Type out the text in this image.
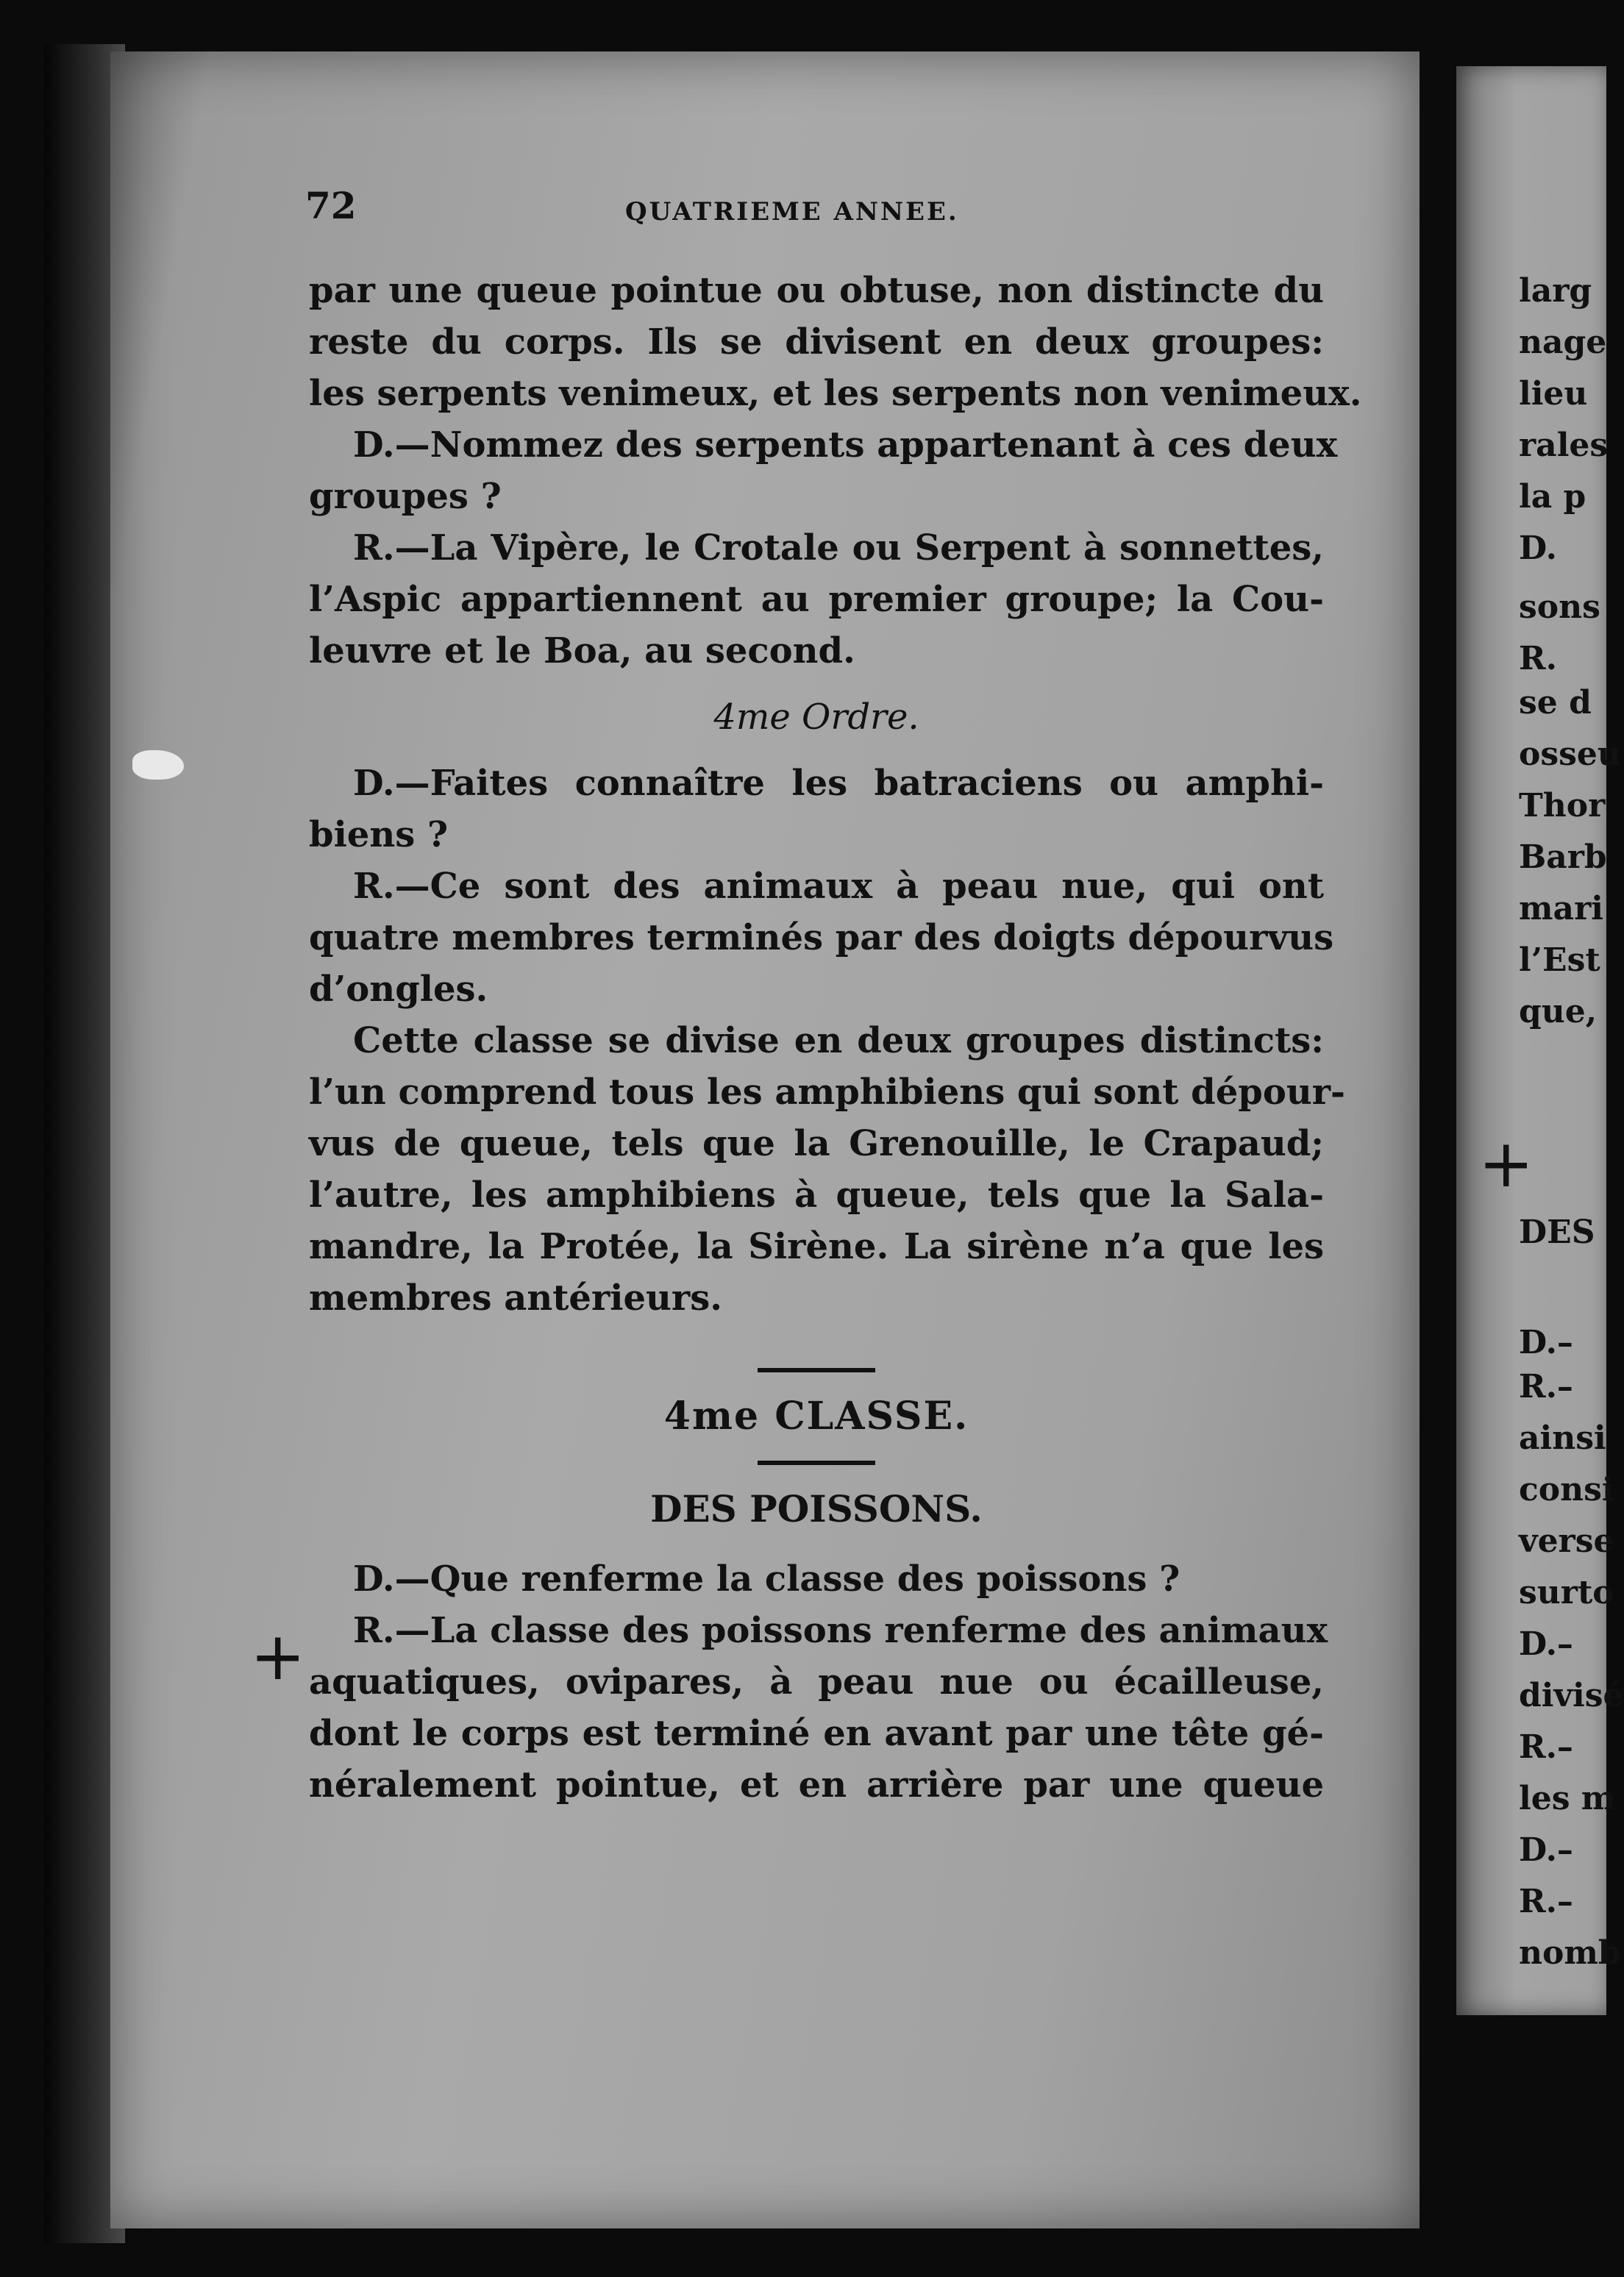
72	QUATRIEME ANNEE.
par une queue pointue ou obtuse, non distincte du
reste du corps. Ils se divisent en deux groupes:
les serpents venimeux, et les serpents non venimeux.
D.—Nommez des serpents appartenant à ces deux
groupes ?
R.—La Vipère, le Crotale ou Serpent à sonnettes,
l’Aspic appartiennent au premier groupe; la Cou-
leuvre et le Boa, au second.
4me Ordre.
D.—Faites connaître les batraciens ou amphi-
biens ?
R.—Ce sont des animaux à peau nue, qui ont
quatre membres terminés par des doigts dépourvus
d’ongles.
Cette classe se divise en deux groupes distincts:
l’un comprend tous les amphibiens qui sont dépour-
vus de queue, tels que la Grenouille, le Crapaud;
l’autre, les amphibiens à queue, tels que la Sala-
mandre, la Protée, la Sirène. La sirène n’a que les
membres antérieurs.
4me CLASSE.
DES POISSONS.
D.—Que renferme la classe des poissons ?
R.—La classe des poissons renferme des animaux
aquatiques, ovipares, à peau nue ou écailleuse,
dont le corps est terminé en avant par une tête gé-
néralement pointue, et en arrière par une queue
+
+
larg
nage
lieu
rales
la p
D.
sons
R.
se d
osseu
Thor
Barb
mari
l’Est
que,
DES
D.–
R.–
ainsi
consi
verse
surto
D.–
divisé
R.–
les m
D.–
R.–
nomb
